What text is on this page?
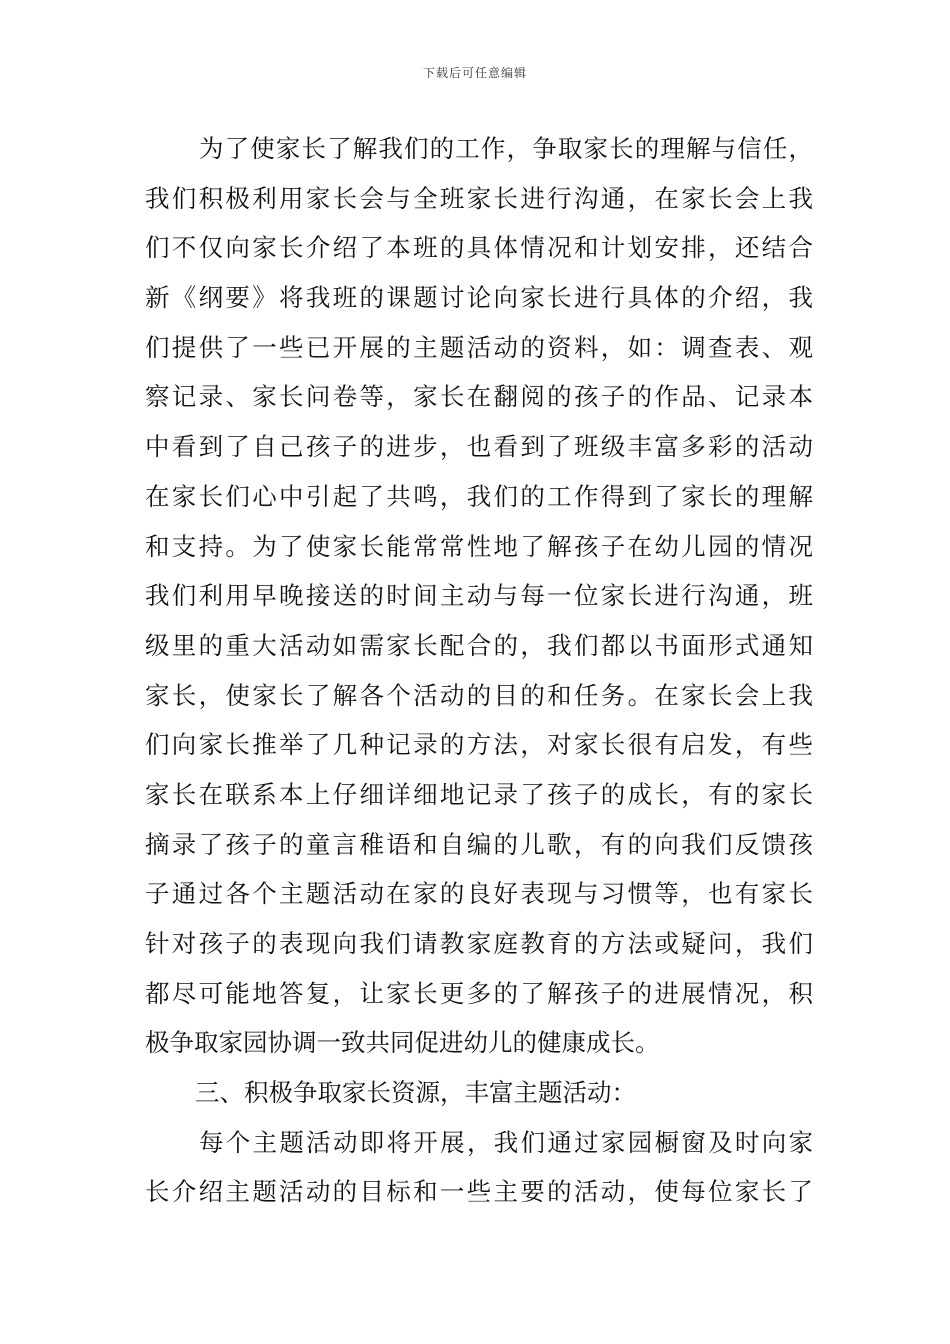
下载后可任意编辑
为了使家长了解我们的工作，争取家长的理解与信任，
我们积极利用家长会与全班家长进行沟通，在家长会上我
们不仅向家长介绍了本班的具体情况和计划安排，还结合
新《纲要》将我班的课题讨论向家长进行具体的介绍，我
们提供了一些已开展的主题活动的资料，如：调查表、观
察记录、家长问卷等，家长在翻阅的孩子的作品、记录本
中看到了自己孩子的进步，也看到了班级丰富多彩的活动
在家长们心中引起了共鸣，我们的工作得到了家长的理解
和支持。为了使家长能常常性地了解孩子在幼儿园的情况
我们利用早晚接送的时间主动与每一位家长进行沟通，班
级里的重大活动如需家长配合的，我们都以书面形式通知
家长，使家长了解各个活动的目的和任务。在家长会上我
们向家长推举了几种记录的方法，对家长很有启发，有些
家长在联系本上仔细详细地记录了孩子的成长，有的家长
摘录了孩子的童言稚语和自编的儿歌，有的向我们反馈孩
子通过各个主题活动在家的良好表现与习惯等，也有家长
针对孩子的表现向我们请教家庭教育的方法或疑问，我们
都尽可能地答复，让家长更多的了解孩子的进展情况，积
极争取家园协调一致共同促进幼儿的健康成长。
三、积极争取家长资源，丰富主题活动：
每个主题活动即将开展，我们通过家园橱窗及时向家
长介绍主题活动的目标和一些主要的活动，使每位家长了
